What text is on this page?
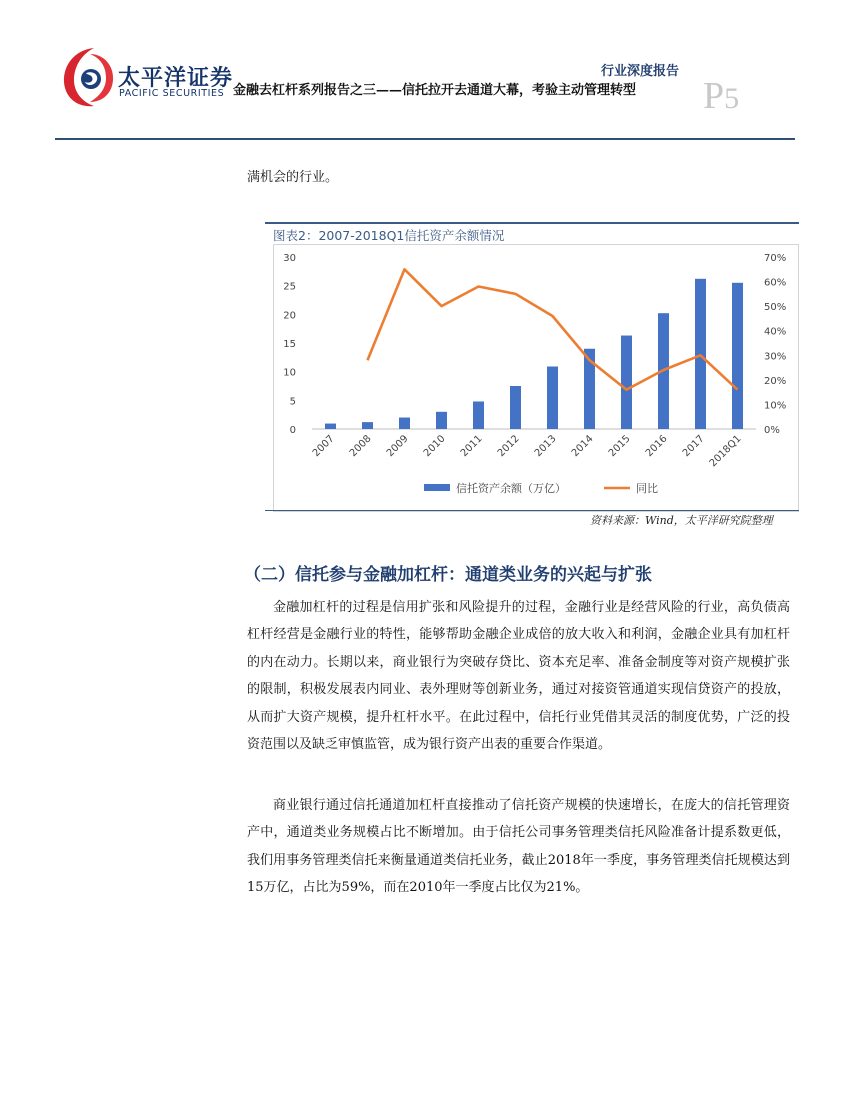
太平洋证券
PACIFIC SECURITIES
行业深度报告
金融去杠杆系列报告之三——信托拉开去通道大幕，考验主动管理转型 P5
满机会的行业。
图表2：2007-2018Q1信托资产余额情况
0
5
10
15
20
25
30
0%
10%
20%
30%
40%
50%
60%
70%
2007 2008 2009 2010 2011 2012 2013 2014 2015 2016 2017 2018Q1
信托资产余额（万亿）	同比
资料来源：Wind，太平洋研究院整理
（二）信托参与金融加杠杆：通道类业务的兴起与扩张

金融加杠杆的过程是信用扩张和风险提升的过程，金融行业是经营风险的行业，高负债高杠杆经营是金融行业的特性，能够帮助金融企业成倍的放大收入和利润，金融企业具有加杠杆的内在动力。长期以来，商业银行为突破存贷比、资本充足率、准备金制度等对资产规模扩张的限制，积极发展表内同业、表外理财等创新业务，通过对接资管通道实现信贷资产的投放，从而扩大资产规模，提升杠杆水平。在此过程中，信托行业凭借其灵活的制度优势，广泛的投资范围以及缺乏审慎监管，成为银行资产出表的重要合作渠道。

商业银行通过信托通道加杠杆直接推动了信托资产规模的快速增长，在庞大的信托管理资产中，通道类业务规模占比不断增加。由于信托公司事务管理类信托风险准备计提系数更低，我们用事务管理类信托来衡量通道类信托业务，截止2018年一季度，事务管理类信托规模达到15万亿，占比为59%，而在2010年一季度占比仅为21%。
